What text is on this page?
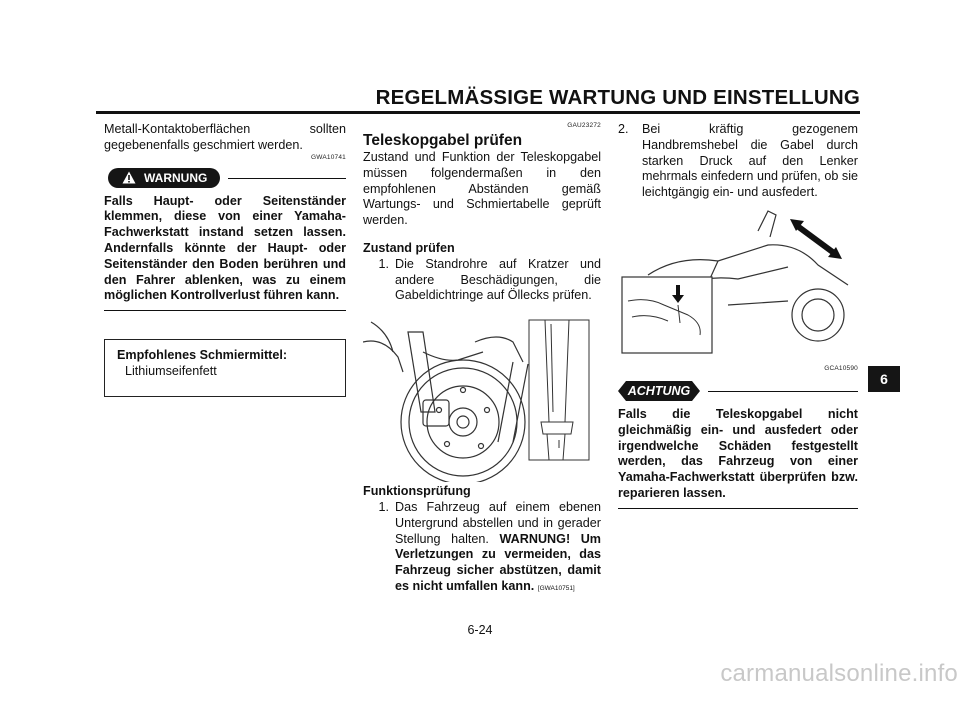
REGELMÄSSIGE WARTUNG UND EINSTELLUNG

Metall-Kontaktoberflächen sollten gegebenenfalls geschmiert werden.

GWA10741
WARNUNG

Falls Haupt- oder Seitenständer klemmen, diese von einer Yamaha-Fachwerkstatt instand setzen lassen. Andernfalls könnte der Haupt- oder Seitenständer den Boden berühren und den Fahrer ablenken, was zu einem möglichen Kontrollverlust führen kann.

Empfohlenes Schmiermittel:
Lithiumseifenfett
GAU23272
Teleskopgabel prüfen

Zustand und Funktion der Teleskopgabel müssen folgendermaßen in den empfohlenen Abständen gemäß Wartungs- und Schmiertabelle geprüft werden.

Zustand prüfen
1. Die Standrohre auf Kratzer und andere Beschädigungen, die Gabeldichtringe auf Öllecks prüfen.
Funktionsprüfung
1. Das Fahrzeug auf einem ebenen Untergrund abstellen und in gerader Stellung halten. WARNUNG! Um Verletzungen zu vermeiden, das Fahrzeug sicher abstützen, damit es nicht umfallen kann. [GWA10751]
2.	Bei kräftig gezogenem Handbremshebel die Gabel durch starken Druck auf den Lenker mehrmals einfedern und prüfen, ob sie leichtgängig ein- und ausfedert.
GCA10590
ACHTUNG

Falls die Teleskopgabel nicht gleichmäßig ein- und ausfedert oder irgendwelche Schäden festgestellt werden, das Fahrzeug von einer Yamaha-Fachwerkstatt überprüfen bzw. reparieren lassen.

6
6-24
carmanualsonline.info
